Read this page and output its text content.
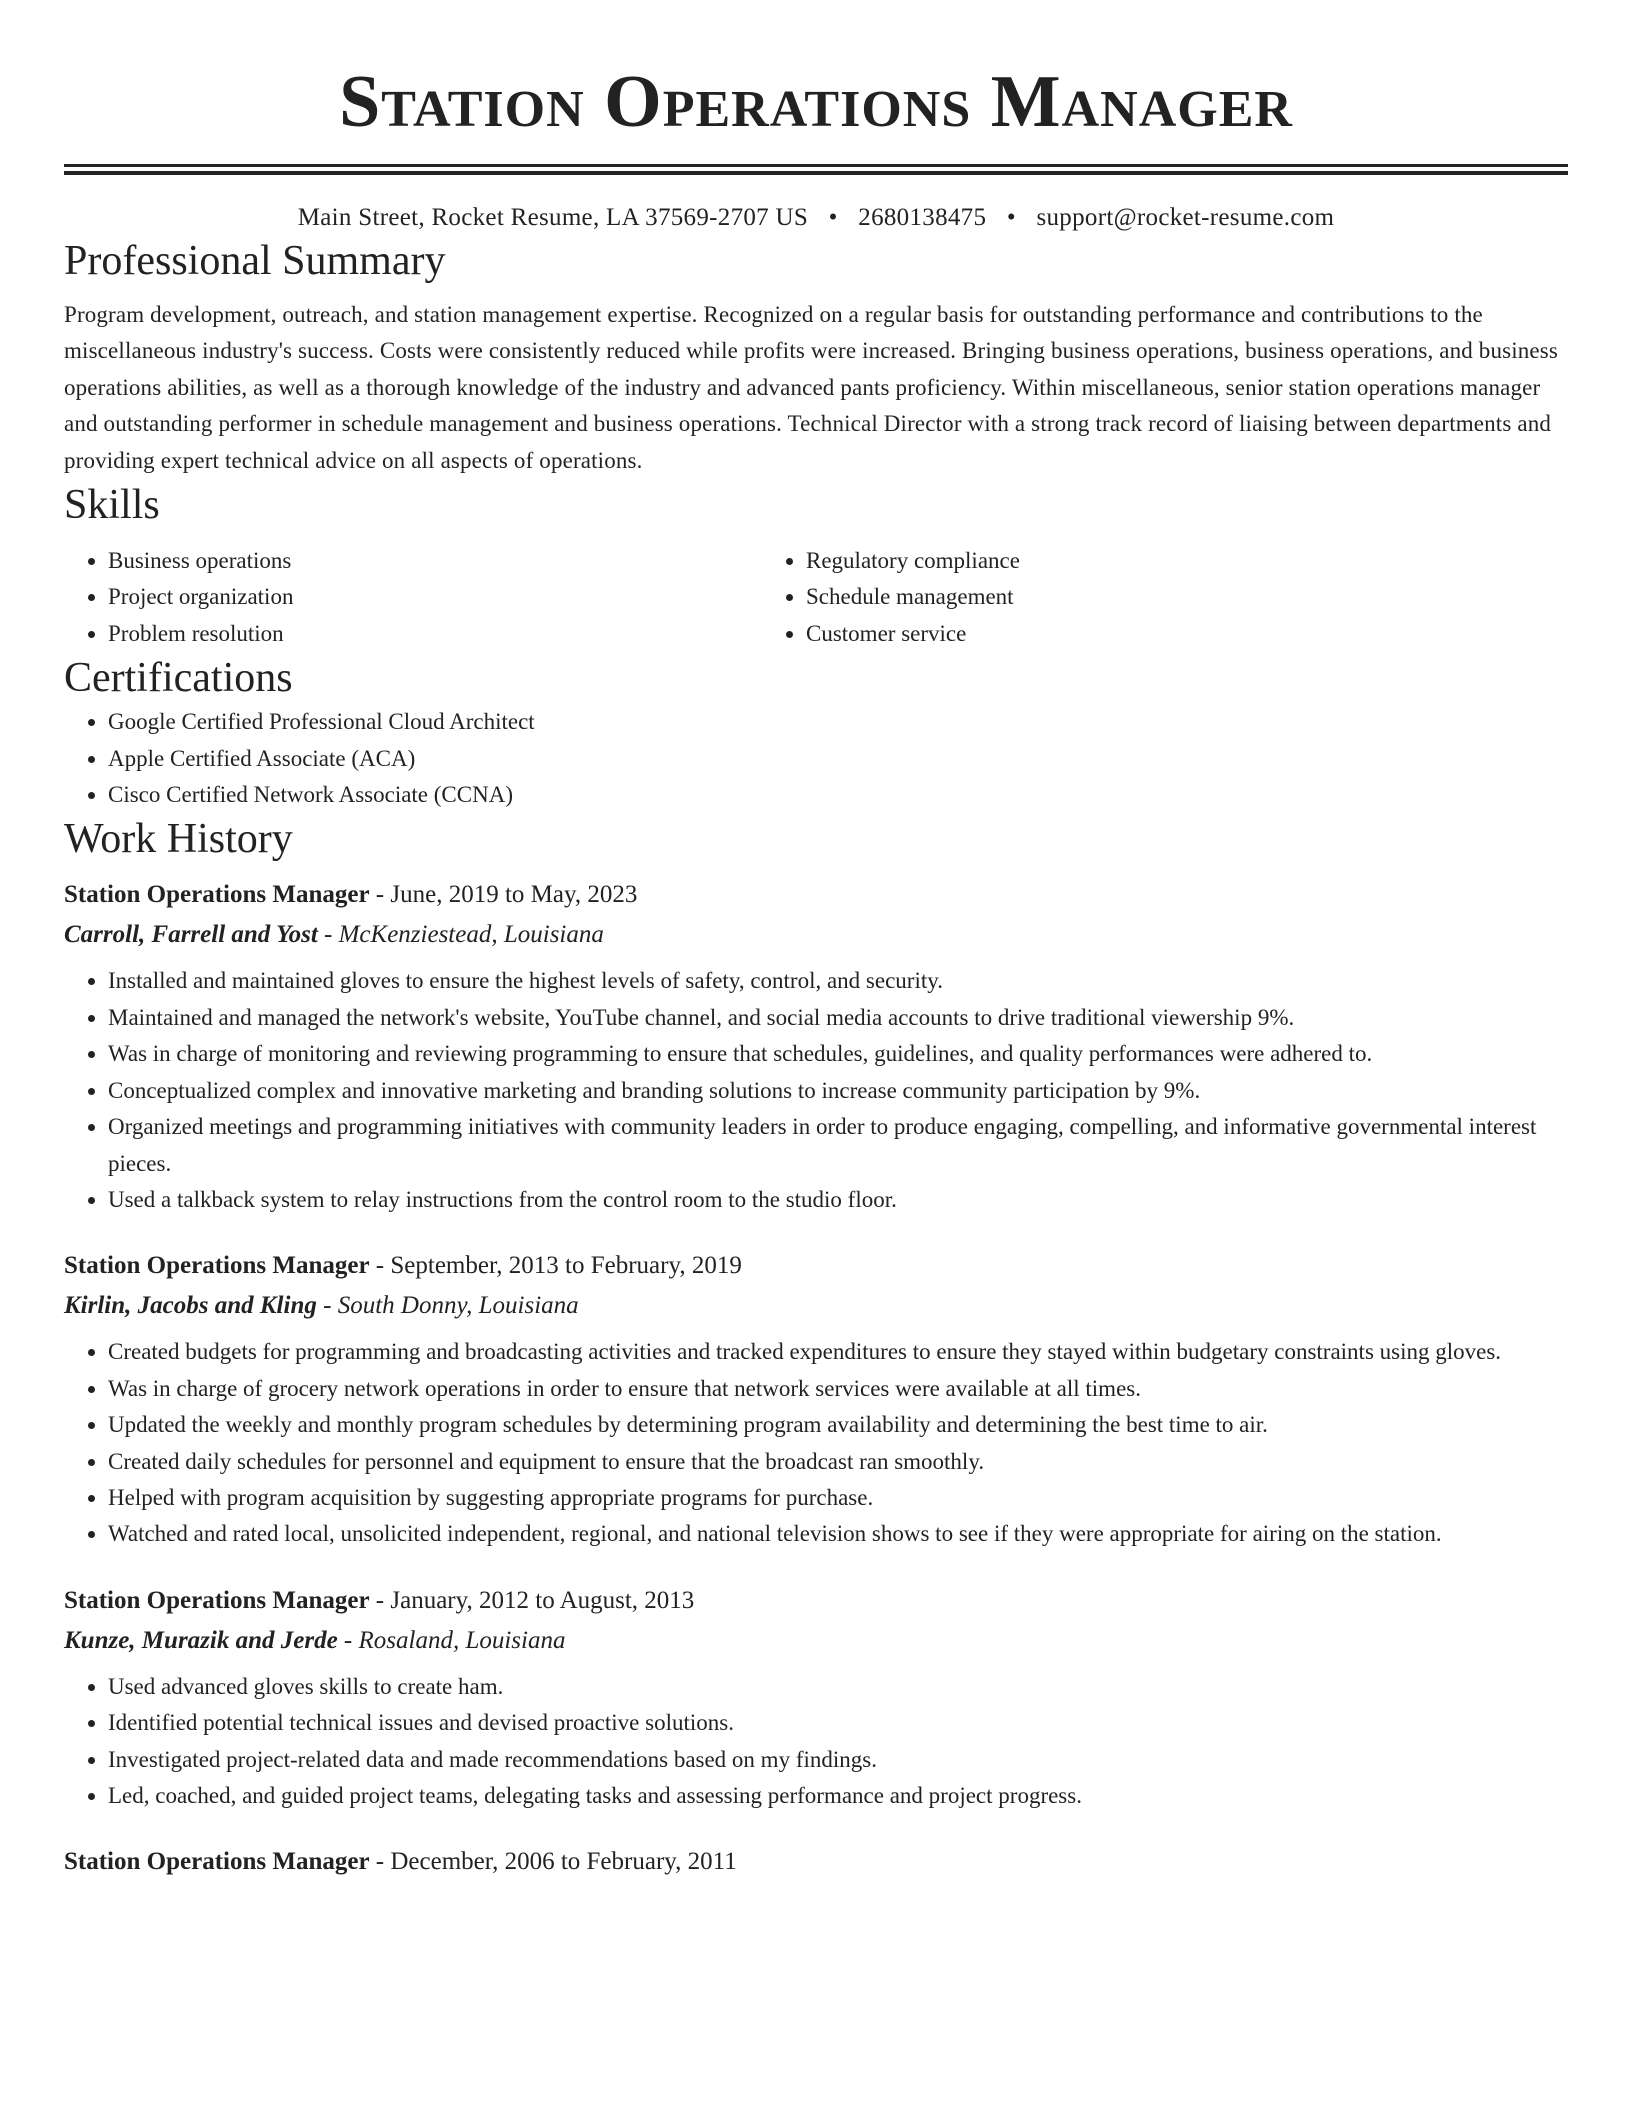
Station Operations Manager
Main Street, Rocket Resume, LA 37569-2707 US • 2680138475 • support@rocket-resume.com
Professional Summary
Program development, outreach, and station management expertise. Recognized on a regular basis for outstanding performance and contributions to the miscellaneous industry's success. Costs were consistently reduced while profits were increased. Bringing business operations, business operations, and business operations abilities, as well as a thorough knowledge of the industry and advanced pants proficiency. Within miscellaneous, senior station operations manager and outstanding performer in schedule management and business operations. Technical Director with a strong track record of liaising between departments and providing expert technical advice on all aspects of operations.
Skills
• Business operations
• Project organization
• Problem resolution
• Regulatory compliance
• Schedule management
• Customer service
Certifications
• Google Certified Professional Cloud Architect
• Apple Certified Associate (ACA)
• Cisco Certified Network Associate (CCNA)
Work History
Station Operations Manager - June, 2019 to May, 2023
Carroll, Farrell and Yost - McKenziestead, Louisiana
• Installed and maintained gloves to ensure the highest levels of safety, control, and security.
• Maintained and managed the network's website, YouTube channel, and social media accounts to drive traditional viewership 9%.
• Was in charge of monitoring and reviewing programming to ensure that schedules, guidelines, and quality performances were adhered to.
• Conceptualized complex and innovative marketing and branding solutions to increase community participation by 9%.
• Organized meetings and programming initiatives with community leaders in order to produce engaging, compelling, and informative governmental interest pieces.
• Used a talkback system to relay instructions from the control room to the studio floor.
Station Operations Manager - September, 2013 to February, 2019
Kirlin, Jacobs and Kling - South Donny, Louisiana
• Created budgets for programming and broadcasting activities and tracked expenditures to ensure they stayed within budgetary constraints using gloves.
• Was in charge of grocery network operations in order to ensure that network services were available at all times.
• Updated the weekly and monthly program schedules by determining program availability and determining the best time to air.
• Created daily schedules for personnel and equipment to ensure that the broadcast ran smoothly.
• Helped with program acquisition by suggesting appropriate programs for purchase.
• Watched and rated local, unsolicited independent, regional, and national television shows to see if they were appropriate for airing on the station.
Station Operations Manager - January, 2012 to August, 2013
Kunze, Murazik and Jerde - Rosaland, Louisiana
• Used advanced gloves skills to create ham.
• Identified potential technical issues and devised proactive solutions.
• Investigated project-related data and made recommendations based on my findings.
• Led, coached, and guided project teams, delegating tasks and assessing performance and project progress.
Station Operations Manager - December, 2006 to February, 2011
